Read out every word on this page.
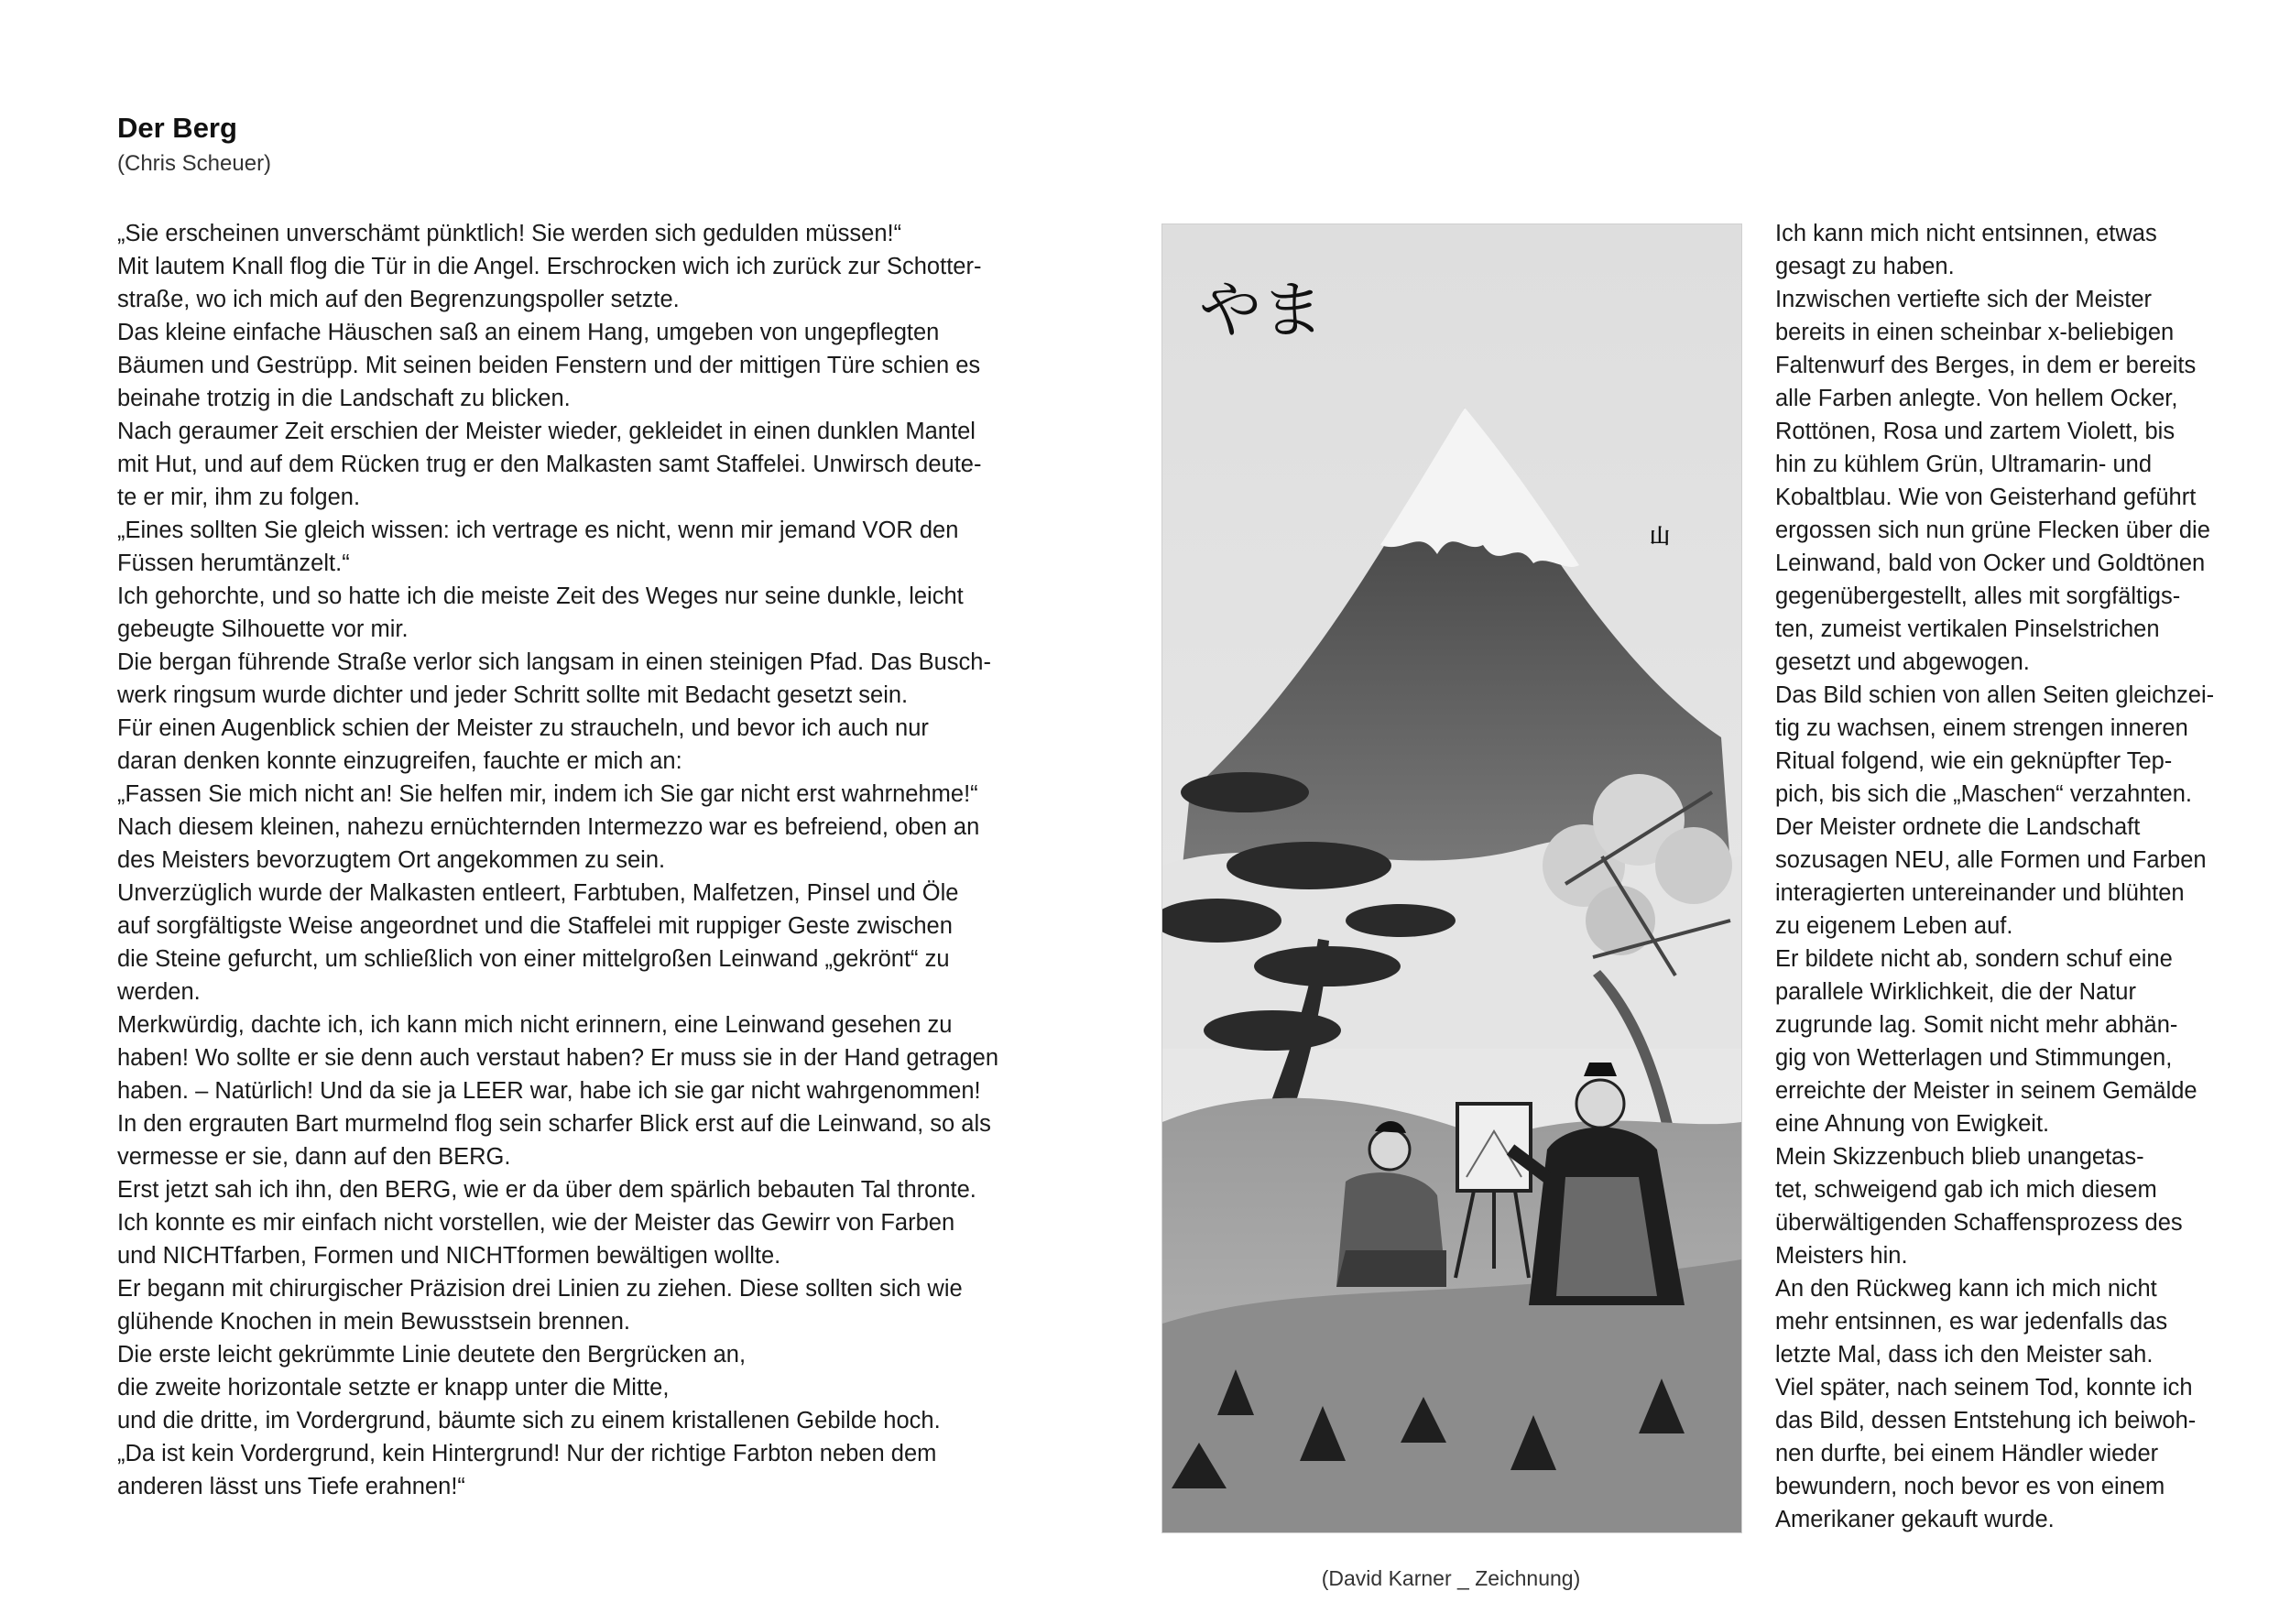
Der Berg
(Chris Scheuer)
„Sie erscheinen unverschämt pünktlich! Sie werden sich gedulden müssen!“
Mit lautem Knall flog die Tür in die Angel. Erschrocken wich ich zurück zur Schotter-
straße, wo ich mich auf den Begrenzungspoller setzte.
Das kleine einfache Häuschen saß an einem Hang, umgeben von ungepflegten
Bäumen und Gestrüpp. Mit seinen beiden Fenstern und der mittigen Türe schien es
beinahe trotzig in die Landschaft zu blicken.
Nach geraumer Zeit erschien der Meister wieder, gekleidet in einen dunklen Mantel
mit Hut, und auf dem Rücken trug er den Malkasten samt Staffelei. Unwirsch deute-
te er mir, ihm zu folgen.
„Eines sollten Sie gleich wissen: ich vertrage es nicht, wenn mir jemand VOR den
Füssen herumtänzelt.“
Ich gehorchte, und so hatte ich die meiste Zeit des Weges nur seine dunkle, leicht
gebeugte Silhouette vor mir.
Die bergan führende Straße verlor sich langsam in einen steinigen Pfad. Das Busch-
werk ringsum wurde dichter und jeder Schritt sollte mit Bedacht gesetzt sein.
Für einen Augenblick schien der Meister zu straucheln, und bevor ich auch nur
daran denken konnte einzugreifen, fauchte er mich an:
„Fassen Sie mich nicht an! Sie helfen mir, indem ich Sie gar nicht erst wahrnehme!“
Nach diesem kleinen, nahezu ernüchternden Intermezzo war es befreiend, oben an
des Meisters bevorzugtem Ort angekommen zu sein.
Unverzüglich wurde der Malkasten entleert, Farbtuben, Malfetzen, Pinsel und Öle
auf sorgfältigste Weise angeordnet und die Staffelei mit ruppiger Geste zwischen
die Steine gefurcht, um schließlich von einer mittelgroßen Leinwand „gekrönt“ zu
werden.
Merkwürdig, dachte ich, ich kann mich nicht erinnern, eine Leinwand gesehen zu
haben! Wo sollte er sie denn auch verstaut haben? Er muss sie in der Hand getragen
haben. – Natürlich! Und da sie ja LEER war, habe ich sie gar nicht wahrgenommen!
In den ergrauten Bart murmelnd flog sein scharfer Blick erst auf die Leinwand, so als
vermesse er sie, dann auf den BERG.
Erst jetzt sah ich ihn, den BERG, wie er da über dem spärlich bebauten Tal thronte.
Ich konnte es mir einfach nicht vorstellen, wie der Meister das Gewirr von Farben
und NICHTfarben, Formen und NICHTformen bewältigen wollte.
Er begann mit chirurgischer Präzision drei Linien zu ziehen. Diese sollten sich wie
glühende Knochen in mein Bewusstsein brennen.
Die erste leicht gekrümmte Linie deutete den Bergrücken an,
die zweite horizontale setzte er knapp unter die Mitte,
und die dritte, im Vordergrund, bäumte sich zu einem kristallenen Gebilde hoch.
„Da ist kein Vordergrund, kein Hintergrund! Nur der richtige Farbton neben dem
anderen lässt uns Tiefe erahnen!“
やま
山
Ich kann mich nicht entsinnen, etwas
gesagt zu haben.
Inzwischen vertiefte sich der Meister
bereits in einen scheinbar x-beliebigen
Faltenwurf des Berges, in dem er bereits
alle Farben anlegte. Von hellem Ocker,
Rottönen, Rosa und zartem Violett, bis
hin zu kühlem Grün, Ultramarin- und
Kobaltblau. Wie von Geisterhand geführt
ergossen sich nun grüne Flecken über die
Leinwand, bald von Ocker und Goldtönen
gegenübergestellt, alles mit sorgfältigs-
ten, zumeist vertikalen Pinselstrichen
gesetzt und abgewogen.
Das Bild schien von allen Seiten gleichzei-
tig zu wachsen, einem strengen inneren
Ritual folgend, wie ein geknüpfter Tep-
pich, bis sich die „Maschen“ verzahnten.
Der Meister ordnete die Landschaft
sozusagen NEU, alle Formen und Farben
interagierten untereinander und blühten
zu eigenem Leben auf.
Er bildete nicht ab, sondern schuf eine
parallele Wirklichkeit, die der Natur
zugrunde lag. Somit nicht mehr abhän-
gig von Wetterlagen und Stimmungen,
erreichte der Meister in seinem Gemälde
eine Ahnung von Ewigkeit.
Mein Skizzenbuch blieb unangetas-
tet, schweigend gab ich mich diesem
überwältigenden Schaffensprozess des
Meisters hin.
An den Rückweg kann ich mich nicht
mehr entsinnen, es war jedenfalls das
letzte Mal, dass ich den Meister sah.
Viel später, nach seinem Tod, konnte ich
das Bild, dessen Entstehung ich beiwoh-
nen durfte, bei einem Händler wieder
bewundern, noch bevor es von einem
Amerikaner gekauft wurde.
(David Karner _ Zeichnung)
